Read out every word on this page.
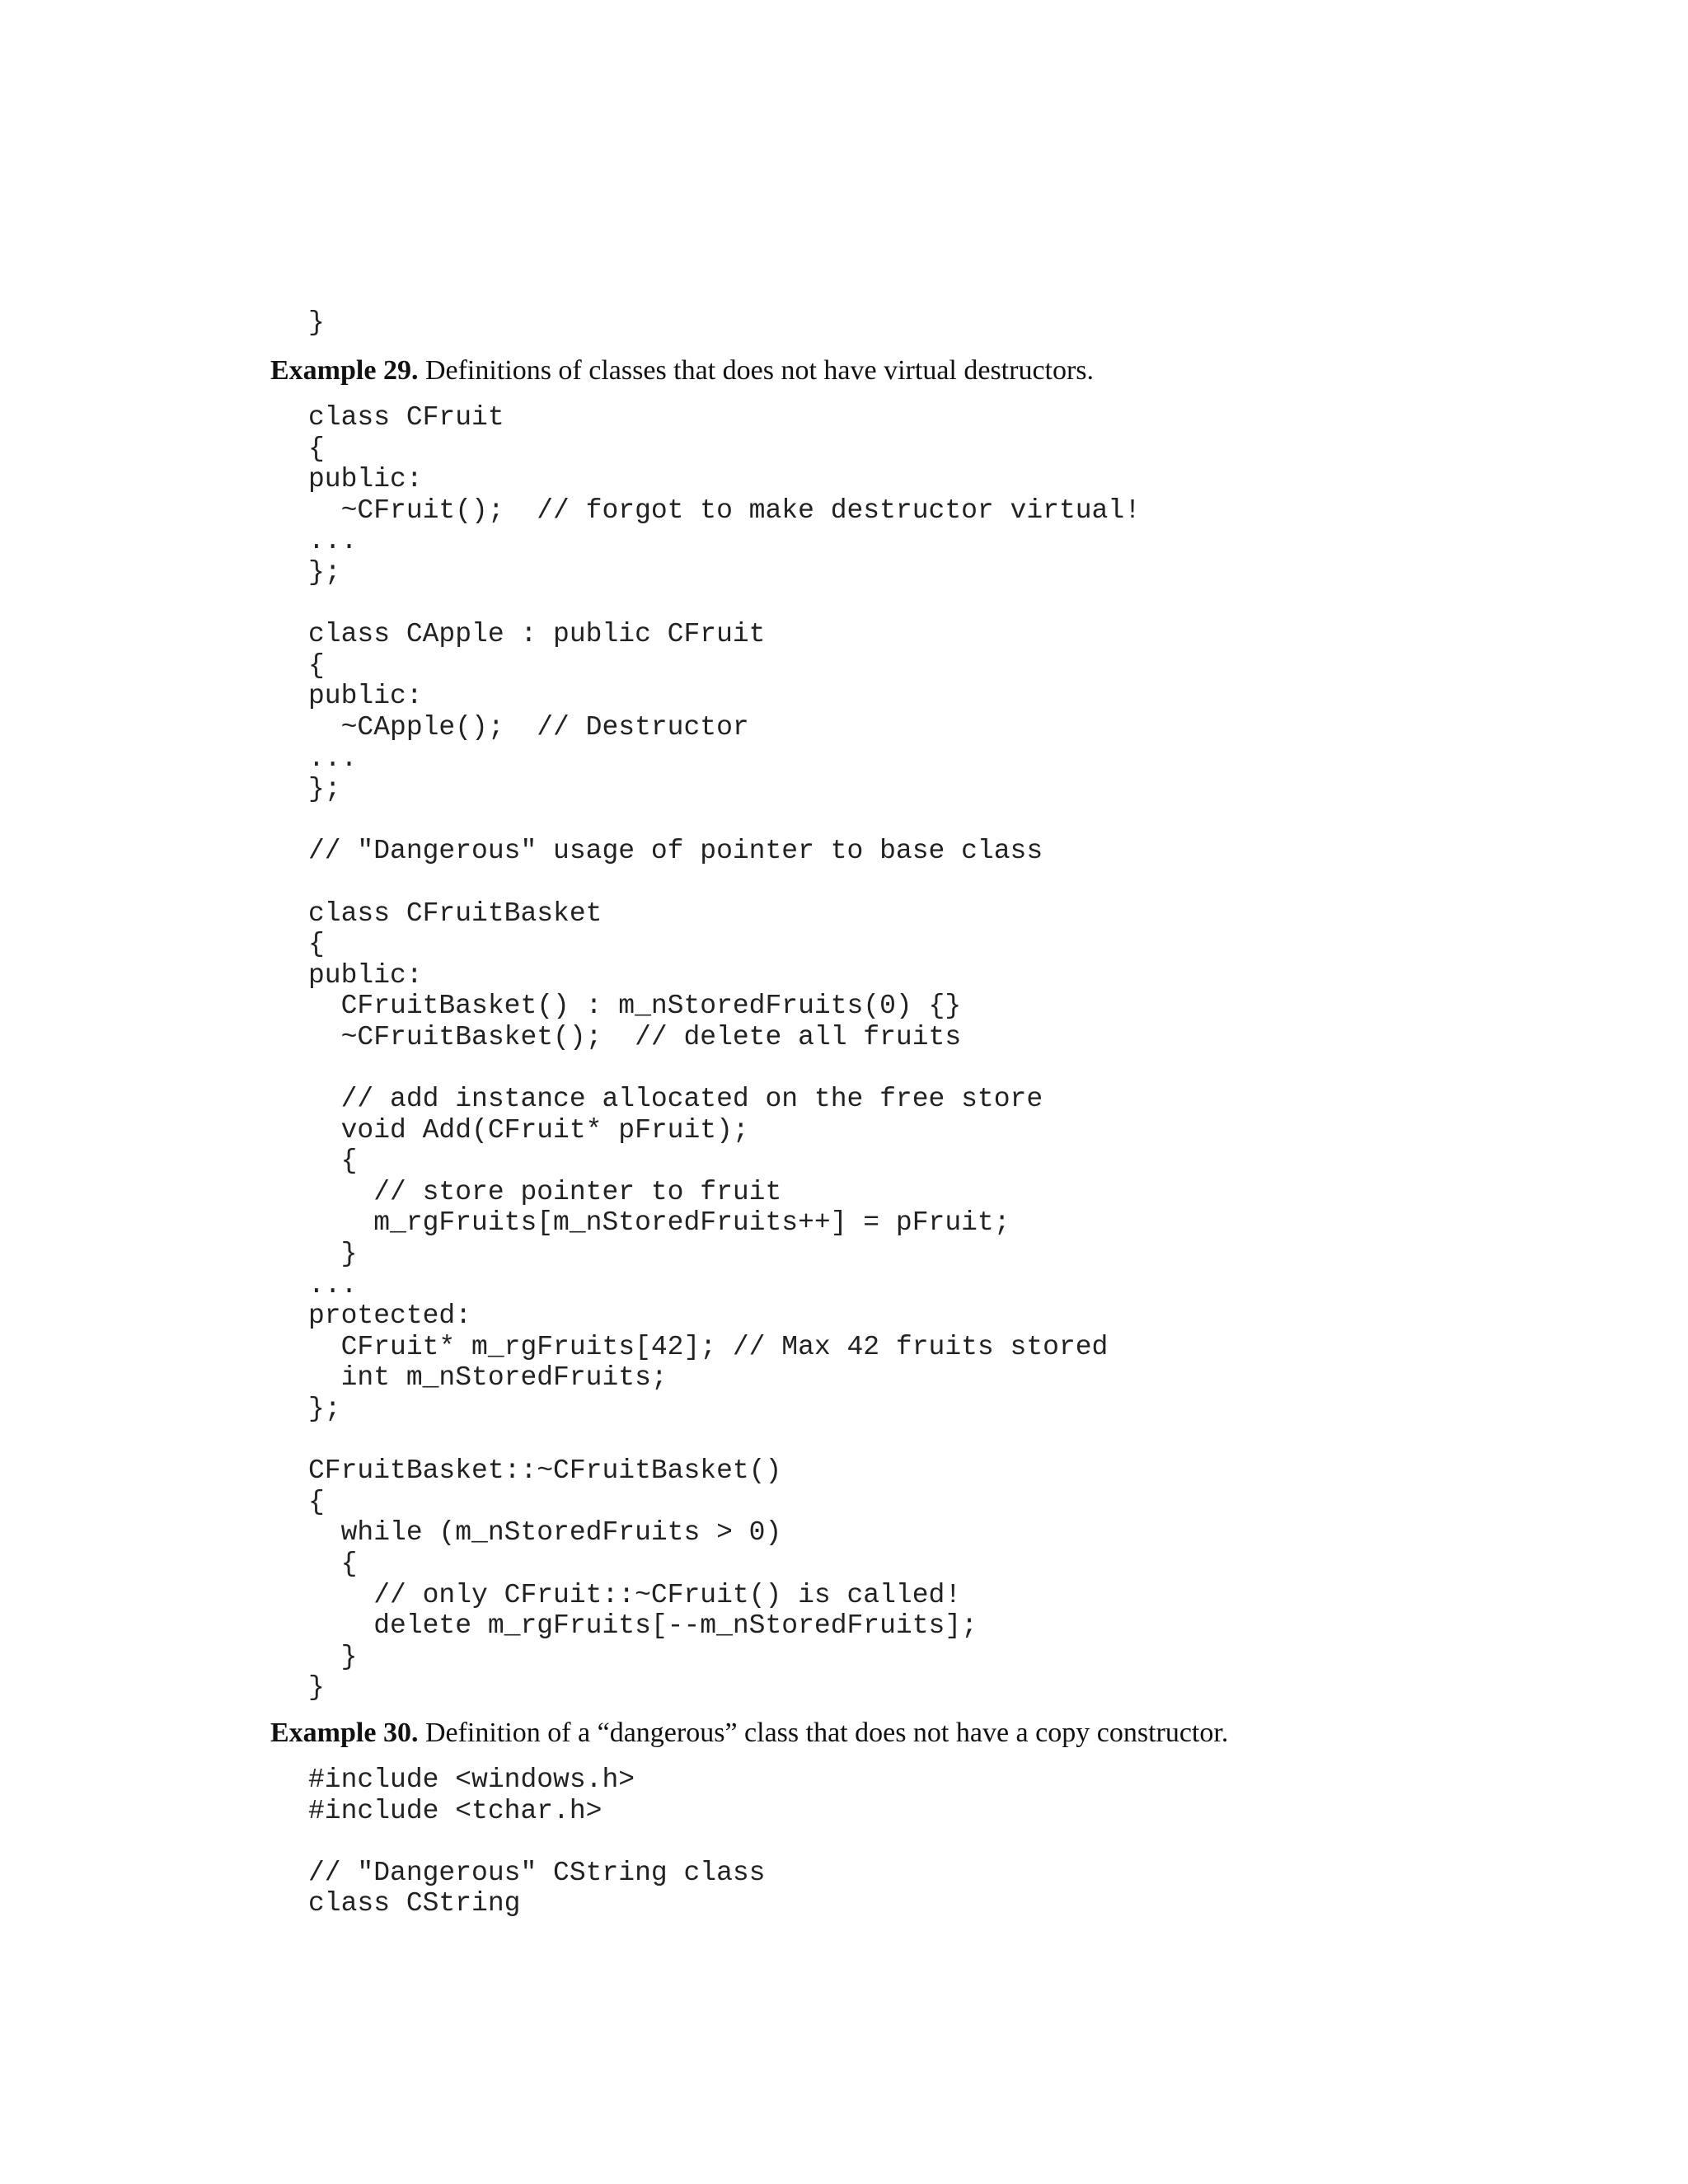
}

Example 29. Definitions of classes that does not have virtual destructors.

class CFruit
{
public:
~CFruit();  // forgot to make destructor virtual!
...
};
class CApple : public CFruit
{
public:
~CApple();  // Destructor
...
};
// "Dangerous" usage of pointer to base class
class CFruitBasket
{
public:
CFruitBasket() : m_nStoredFruits(0) {}
~CFruitBasket();  // delete all fruits
// add instance allocated on the free store
void Add(CFruit* pFruit);
{
// store pointer to fruit
m_rgFruits[m_nStoredFruits++] = pFruit;
}
...
protected:
CFruit* m_rgFruits[42]; // Max 42 fruits stored
int m_nStoredFruits;
};
CFruitBasket::~CFruitBasket()
{
while (m_nStoredFruits > 0)
{
// only CFruit::~CFruit() is called!
delete m_rgFruits[--m_nStoredFruits];
}
}

Example 30. Definition of a “dangerous” class that does not have a copy constructor.

#include <windows.h>
#include <tchar.h>
// "Dangerous" CString class
class CString
